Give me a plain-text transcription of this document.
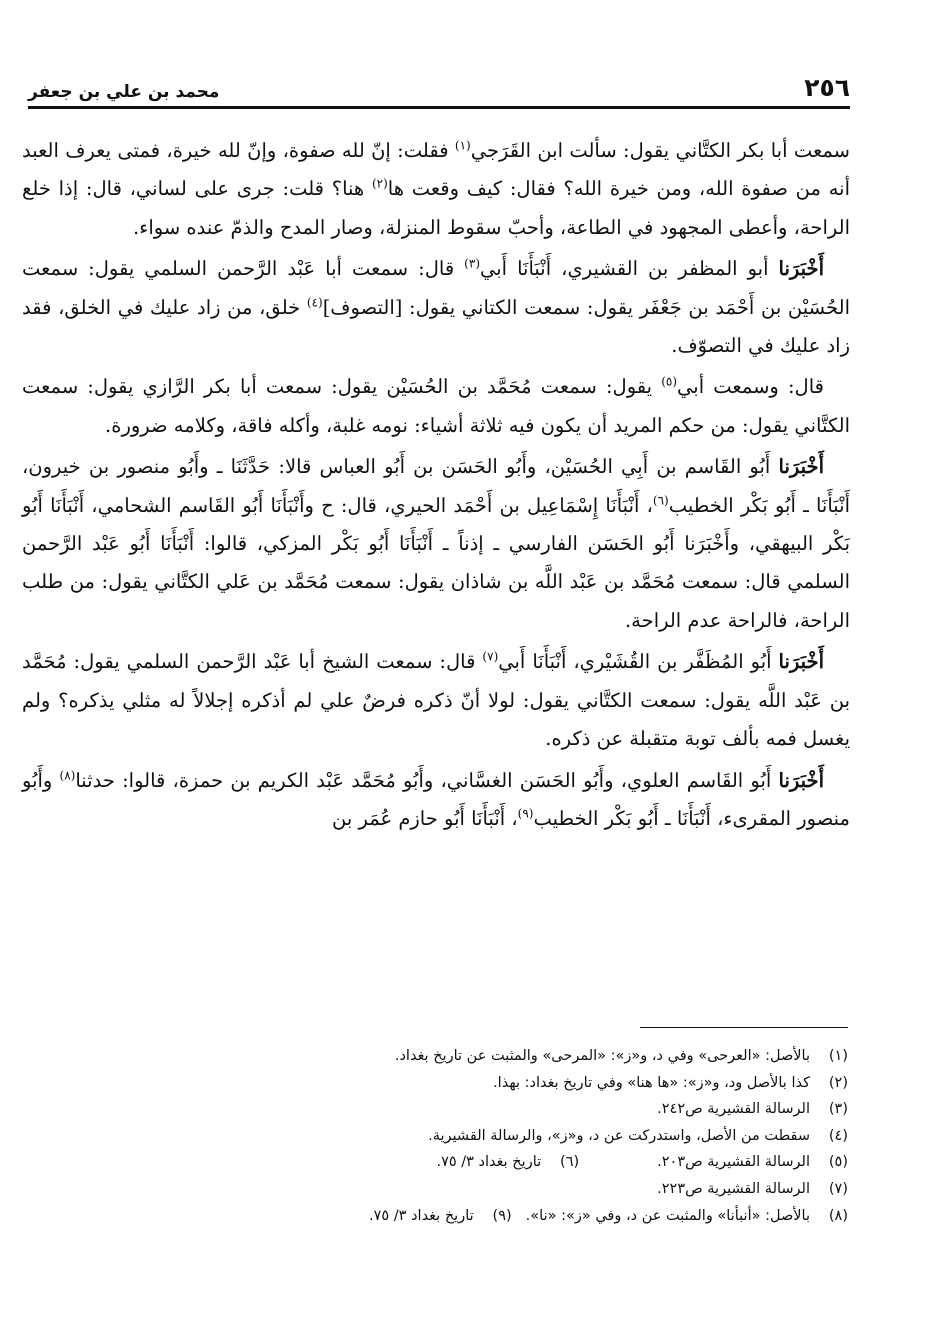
٢٥٦
محمد بن علي بن جعفر

سمعت أبا بكر الكتَّاني يقول: سألت ابن القَرَجي$^{(١)}$ فقلت: إنّ لله صفوة، وإنّ لله خيرة، فمتى يعرف العبد أنه من صفوة الله، ومن خيرة الله؟ فقال: كيف وقعت ها$^{(٢)}$ هنا؟ قلت: جرى على لساني، قال: إذا خلع الراحة، وأعطى المجهود في الطاعة، وأحبّ سقوط المنزلة، وصار المدح والذمّ عنده سواء.

أَخْبَرَنا أبو المظفر بن القشيري، أَنْبَأَنَا أَبي$^{(٣)}$ قال: سمعت أبا عَبْد الرَّحمن السلمي يقول: سمعت الحُسَيْن بن أَحْمَد بن جَعْفَر يقول: سمعت الكتاني يقول: [التصوف]$^{(٤)}$ خلق، من زاد عليك في الخلق، فقد زاد عليك في التصوّف.

قال: وسمعت أبي$^{(٥)}$ يقول: سمعت مُحَمَّد بن الحُسَيْن يقول: سمعت أبا بكر الرَّازي يقول: سمعت الكتَّاني يقول: من حكم المريد أن يكون فيه ثلاثة أشياء: نومه غلبة، وأكله فاقة، وكلامه ضرورة.

أَخْبَرَنا أَبُو القَاسم بن أَبِي الحُسَيْن، وأَبُو الحَسَن بن أَبُو العباس قالا: حَدَّثَنَا ـ وأَبُو منصور بن خيرون، أَنْبَأَنَا ـ أَبُو بَكْر الخطيب$^{(٦)}$، أَنْبَأَنَا إِسْمَاعِيل بن أَحْمَد الحيري، قال: ح وأَنْبَأَنَا أَبُو القَاسم الشحامي، أَنْبَأَنَا أَبُو بَكْر البيهقي، وأَخْبَرَنا أَبُو الحَسَن الفارسي ـ إذناً ـ أَنْبَأَنَا أَبُو بَكْر المزكي، قالوا: أَنْبَأَنَا أَبُو عَبْد الرَّحمن السلمي قال: سمعت مُحَمَّد بن عَبْد اللَّه بن شاذان يقول: سمعت مُحَمَّد بن عَلي الكتَّاني يقول: من طلب الراحة، فالراحة عدم الراحة.

أَخْبَرَنا أَبُو المُظَفَّر بن القُشَيْري، أَنْبَأَنَا أَبي$^{(٧)}$ قال: سمعت الشيخ أبا عَبْد الرَّحمن السلمي يقول: مُحَمَّد بن عَبْد اللَّه يقول: سمعت الكتَّاني يقول: لولا أنّ ذكره فرضٌ علي لم أذكره إجلالاً له مثلي يذكره؟ ولم يغسل فمه بألف توبة متقبلة عن ذكره.

أَخْبَرَنا أَبُو القَاسم العلوي، وأَبُو الحَسَن الغسَّاني، وأَبُو مُحَمَّد عَبْد الكريم بن حمزة، قالوا: حدثنا$^{(٨)}$ وأَبُو منصور المقرىء، أَنْبَأَنَا ـ أَبُو بَكْر الخطيب$^{(٩)}$، أَنْبَأَنَا أَبُو حازم عُمَر بن

(١)
بالأصل: «العرحى» وفي د، و«ز»: «المرحى» والمثبت عن تاريخ بغداد.
(٢)
كذا بالأصل ود، و«ز»: «ها هنا» وفي تاريخ بغداد: بهذا.
(٣)
الرسالة القشيرية ص٢٤٢.
(٤)
سقطت من الأصل، واستدركت عن د، و«ز»، والرسالة القشيرية.
(٥)
الرسالة القشيرية ص٢٠٣.
(٦)
تاريخ بغداد ٣/ ٧٥.
(٧)
الرسالة القشيرية ص٢٢٣.
(٨)
بالأصل: «أنبأنا» والمثبت عن د، وفي «ز»: «نا».
(٩)
تاريخ بغداد ٣/ ٧٥.
